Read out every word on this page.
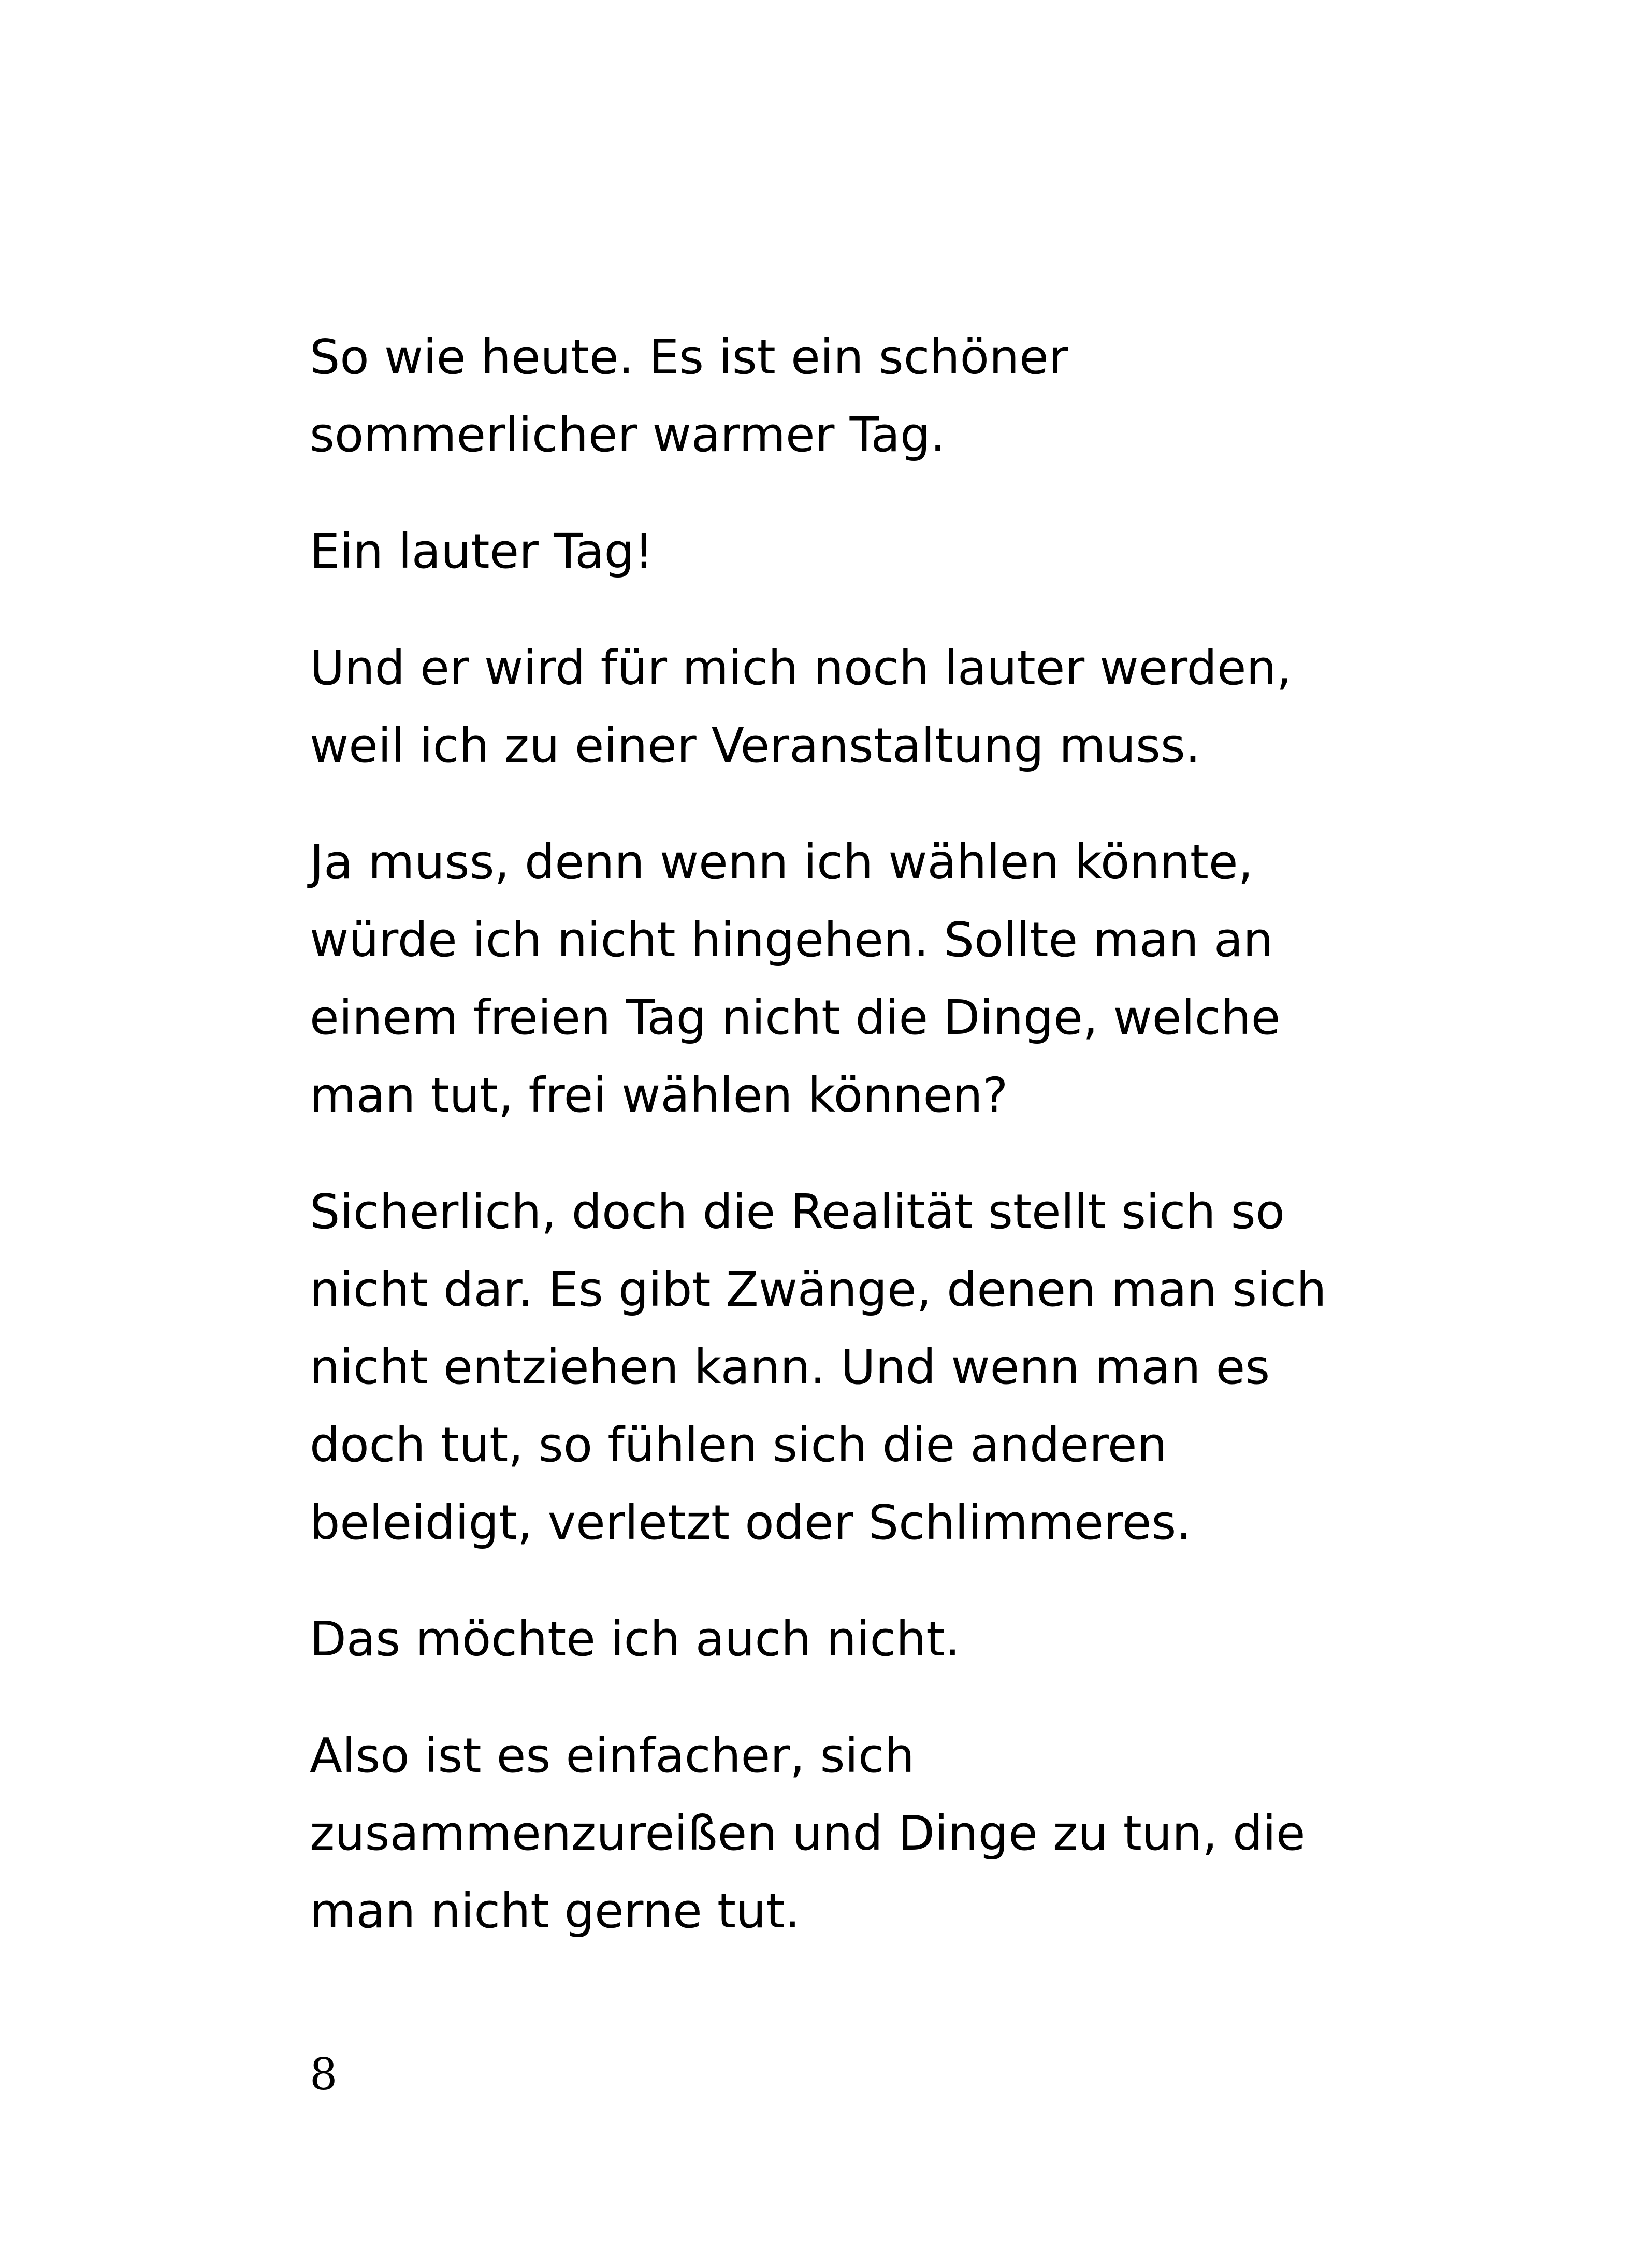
So wie heute. Es ist ein schöner
sommerlicher warmer Tag.

Ein lauter Tag!

Und er wird für mich noch lauter werden,
weil ich zu einer Veranstaltung muss.

Ja muss, denn wenn ich wählen könnte,
würde ich nicht hingehen. Sollte man an
einem freien Tag nicht die Dinge, welche
man tut, frei wählen können?

Sicherlich, doch die Realität stellt sich so
nicht dar. Es gibt Zwänge, denen man sich
nicht entziehen kann. Und wenn man es
doch tut, so fühlen sich die anderen
beleidigt, verletzt oder Schlimmeres.

Das möchte ich auch nicht.

Also ist es einfacher, sich
zusammenzureißen und Dinge zu tun, die
man nicht gerne tut.

8
